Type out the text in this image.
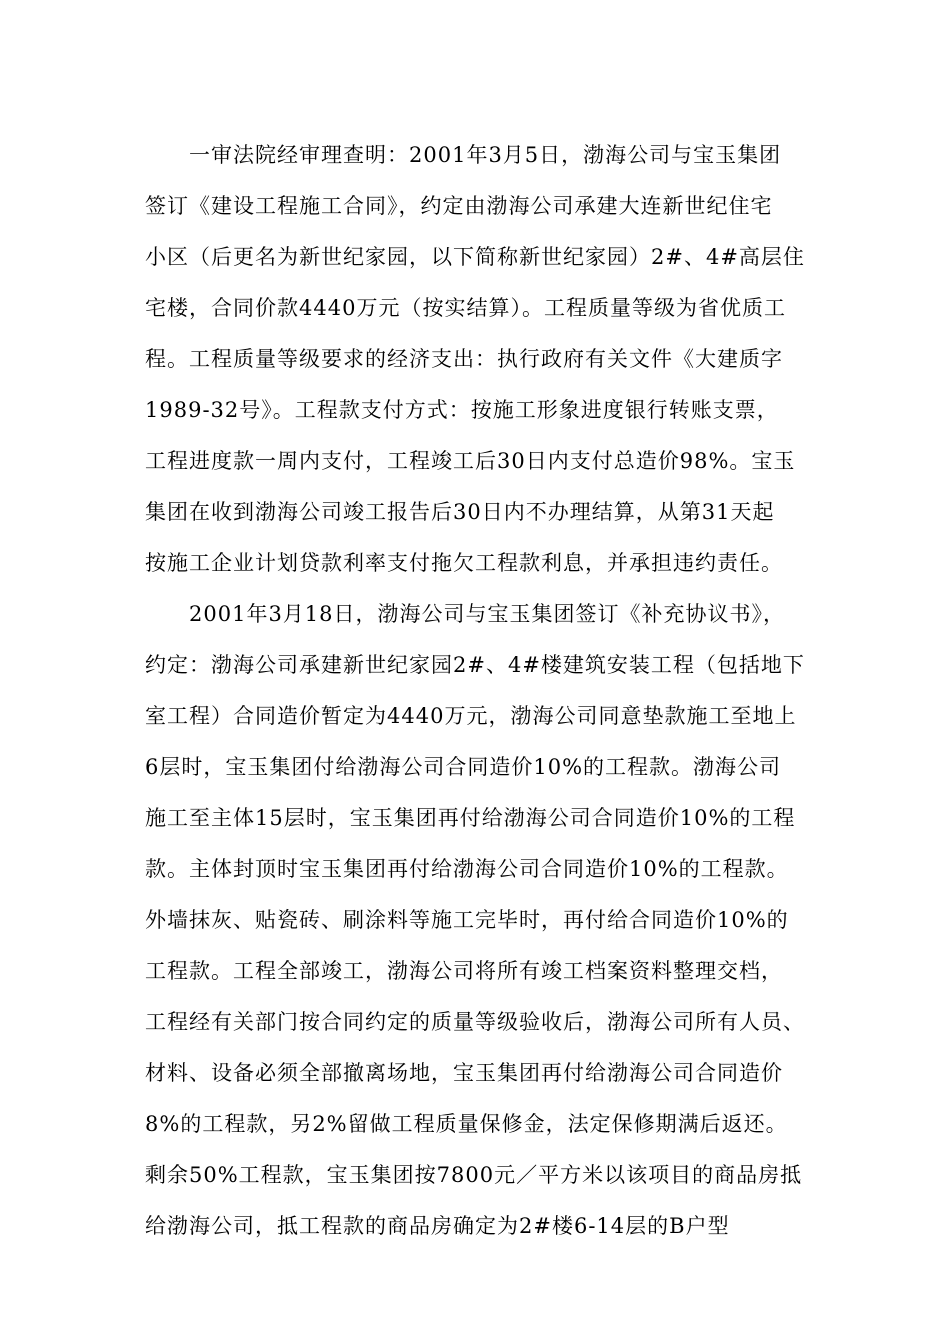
一审法院经审理查明：2001年3月5日，渤海公司与宝玉集团
签订《建设工程施工合同》，约定由渤海公司承建大连新世纪住宅
小区（后更名为新世纪家园，以下简称新世纪家园）2#、4#高层住
宅楼，合同价款4440万元（按实结算）。工程质量等级为省优质工
程。工程质量等级要求的经济支出：执行政府有关文件《大建质字
1989-32号》。工程款支付方式：按施工形象进度银行转账支票，
工程进度款一周内支付，工程竣工后30日内支付总造价98%。宝玉
集团在收到渤海公司竣工报告后30日内不办理结算，从第31天起
按施工企业计划贷款利率支付拖欠工程款利息，并承担违约责任。
2001年3月18日，渤海公司与宝玉集团签订《补充协议书》，
约定：渤海公司承建新世纪家园2#、4#楼建筑安装工程（包括地下
室工程）合同造价暂定为4440万元，渤海公司同意垫款施工至地上
6层时，宝玉集团付给渤海公司合同造价10%的工程款。渤海公司
施工至主体15层时，宝玉集团再付给渤海公司合同造价10%的工程
款。主体封顶时宝玉集团再付给渤海公司合同造价10%的工程款。
外墙抹灰、贴瓷砖、刷涂料等施工完毕时，再付给合同造价10%的
工程款。工程全部竣工，渤海公司将所有竣工档案资料整理交档，
工程经有关部门按合同约定的质量等级验收后，渤海公司所有人员、
材料、设备必须全部撤离场地，宝玉集团再付给渤海公司合同造价
8%的工程款，另2%留做工程质量保修金，法定保修期满后返还。
剩余50%工程款，宝玉集团按7800元／平方米以该项目的商品房抵
给渤海公司，抵工程款的商品房确定为2#楼6-14层的B户型
